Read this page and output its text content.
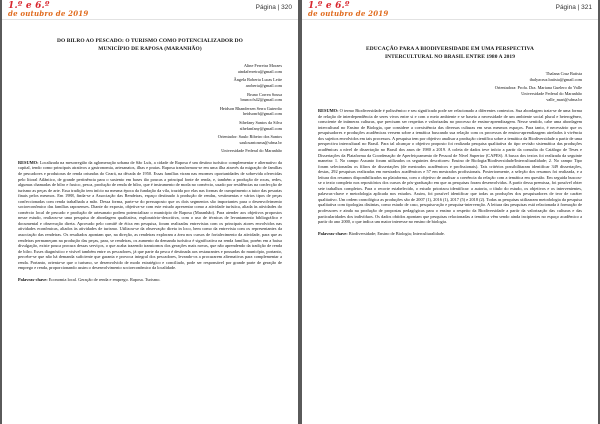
1.º e 6.º
de outubro de 2019
Página | 320
DO BILRO AO PESCADO: O TURISMO COMO POTENCIALIZADOR DO
MUNICÍPIO DE RAPOSA (MARANHÃO)
Aline Ferreira Moraes
aindaferreira@gmail.com
Ângela Roberta Lucas Leite
aroberta@gmail.com
Bruno Correa Sousa
brunocfs42@gmail.com
Heidson Rhandersen Serra Guterrão
heidsonrh@gmail.com
Sthefany Santos da Silva
sthefanfany@gmail.com
Orientador: Saulo Ribeiro dos Santos
saulosantosma@ufma.br
Universidade Federal do Maranhão
RESUMO: Localizada na mesorregião da aglomeração urbana de São Luís, a cidade de Raposa é um destino turístico complementar e alternativo da capital, tendo como principais atrativos a gastronomia, artesanatos, ilhas e praias. Raposa transformou-se em uma ilha através da migração de famílias de pescadores e produtoras de renda oriundas do Ceará, na década de 1950. Essas famílias viram nas enormes oportunidades de sobrevida oferecidas pelo litoral Atlântico, de grande pertinência para o sustento em bases tão poucas a principal fonte de renda, e, também a produção de rocas, redes, algumas chamadas de bilro e fuxico, pesca, produção de renda de bilro, que é instrumento de moda no comércio, usado por residências na confecção de turismo as peças de arte. Essa tradição tem início na mesma época da fundação da vila, trazida por elas nas formas de cumprimento a tutor das pesarias finais pelos mesmos. Em 1988, finda-se a Associação das Rendeiras, espaço destinado à produção de rendas, vestimentas e vários tipos de peças confeccionadas com renda trabalhada a mão. Dessa forma, parte-se do pressuposto que os dois segmentos são importantes para o desenvolvimento socioeconômico das famílias raposenses. Diante do exposto, objetiva-se com este estudo apresentar como a atividade turística, aliada às atividades do comércio local de pescado e produção de artesanato podem potencializar o município de Raposa (Maranhão). Para atender aos objetivos propostos nesse estudo, realizou-se uma pesquisa de abordagem qualitativa, exploratório-descritiva, com o uso de técnicas de levantamento bibliográfico e documental e observação direta. Aprovado pelo comitê de ética em pesquisa, foram realizadas entrevistas com os principais atores envolvidos nas atividades econômicas, aliados às atividades de turismo. Utilizou-se da observação direta in loco, bem como da entrevista com os representantes da associação das rendeiras. Os resultados apontam que, na direção, as rendeiras exploram a área nos cursos de fortalecimento da atividade, para que as rendeiras permaneçam na produção das peças, para, se rendeiras, os aumento da demanda turística é significativa na renda familiar, porém em a baixa divulgação, existe pouca procura dessas serviços, o que acaba trazendo transtornos dos gerações mais novas, que não aprendendo da tradição de renda de bilro. Esses diagnóstico e visível também entre os pescadores, já que parte da pesca é destinada aos restaurantes e pousadas do município, portanto, percebe-se que não há demanda suficiente que garanta e provoca integral dos pescadores, levando-os a procurarem alternativas para complementar a renda. Portanto, orienta-se que o turismo, se desenvolvido de modo estratégico e conciliado, pode ser responsável por grande parte de geração de emprego e renda, proporcionando assim o desenvolvimento socioeconômico da localidade.
Palavras-chave: Economia local. Geração de renda e emprego. Raposa. Turismo.
1.º e 6.º
de outubro de 2019
Página | 321
EDUCAÇÃO PARA A BIODIVERSIDADE EM UMA PERSPECTIVA
INTERCULTURAL NO BRASIL ENTRE 1980 A 2019
Thalana Cruz Batista
thalyacruz.batista@gmail.com
Orientadora: Profa. Dra. Mariana Guelero do Valle
Universidade Federal do Maranhão
valle_mari@ufma.br
RESUMO: O termo Biodiversidade é polissêmico e seu significado pode ser relacionado a diferentes contextos. Sua abordagem trata-se de uma forma de relação de interdependência de seres vivos entre si e com o meio ambiente e se baseia a necessidade de um ambiente social plural e heterogêneo, consciente de inúmeras culturas, que precisam ser respeitas e valorizadas no processo de ensino-aprendizagem. Nesse sentido, cabe uma abordagem intercultural no Ensino de Biologia, que considere a coexistência das diversas culturas em seus mesmos espaços. Para tanto, é necessário que os pesquisadores e produções acadêmicas versem sobre a temática buscando sua relação com os processos de ensino-aprendizagem atrelados à vivência dos sujeitos envolvidos em tais processos. A pesquisa tem por objetivo analisar a produção científica sobre a temática da Biodiversidade a partir de uma perspectiva intercultural no Brasil. Para tal alcançar o objetivo proposto foi realizada pesquisa qualitativa do tipo revisão sistemática das produções acadêmicas a nível de dissertação no Brasil dos anos de 1980 a 2019. A coleta de dados teve início a partir da consulta do Catálogo de Teses e Dissertações da Plataforma da Coordenação de Aperfeiçoamento de Pessoal de Nível Superior (CAPES). A busca dos textos foi realizada da seguinte maneira: 1. No campo Assunto foram utilizados os seguintes descritores: Ensino de Biologia/Biodiversidade/Interculturalidade; 2. No campo Tipo foram selecionadas os filtros de dissertações (de mestrados acadêmicos e profissionais). Tais critérios possibilitaram identificar 349 dissertações, destas, 292 pesquisas realizadas em mestrados acadêmicos e 57 em mestrados profissionais. Posteriormente, a seleção dos resumos foi realizada, e a leitura dos resumos disponibilizados na plataforma, com o objetivo de analisar a coerência da relação com a temática em questão. Em seguida buscou-se o texto completo nos repositórios dos cursos de pós-graduação em que as pesquisas foram desenvolvidas. A partir dessa premissa, foi possível obter sete trabalhos completos. Para o recorte estabelecido, o estudo priorizou identificar: a autoria, o título do estudo, os objetivos e os intervenientes, palavras-chave e metodologia aplicada nos estudos. Assim, foi possível identificar que todas as produções dos pesquisadores de teor de caráter qualitativo. Um ordem cronológica as produções são de 2007 (1), 2016 (1), 2017 (5) e 2018 (2). Todas as pesquisas utilizaram metodologia da pesquisa qualitativa com tipologias distintas, como estudo de caso, pesquisa-ação e pesquisa-intervenção. A leitura das pesquisas está relacionada à formação de professores e ainda na produção de propostas pedagógicas para o ensino a respeito da Biodiversidade a partir da valorização das culturas e das particularidades dos indivíduos. Os dados obtidos apontam que pesquisas relacionadas a temática vêm sendo ainda incipientes no espaço acadêmico a partir do ano 2000, o que indica um maior interesse no ensino de biologia.
Palavras-chave: Biodiversidade; Ensino de Biologia; Interculturalidade.
